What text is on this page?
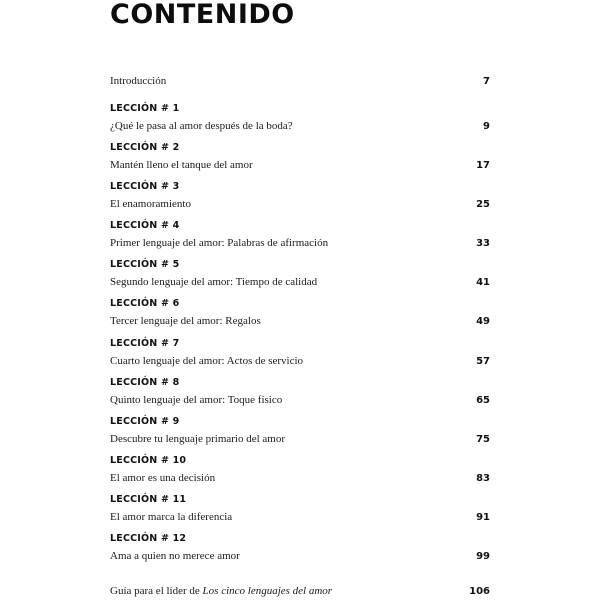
CONTENIDO
Introducción	7
LECCIÓN # 1
¿Qué le pasa al amor después de la boda?	9
LECCIÓN # 2
Mantén lleno el tanque del amor	17
LECCIÓN # 3
El enamoramiento	25
LECCIÓN # 4
Primer lenguaje del amor: Palabras de afirmación	33
LECCIÓN # 5
Segundo lenguaje del amor: Tiempo de calidad	41
LECCIÓN # 6
Tercer lenguaje del amor: Regalos	49
LECCIÓN # 7
Cuarto lenguaje del amor: Actos de servicio	57
LECCIÓN # 8
Quinto lenguaje del amor: Toque físico	65
LECCIÓN # 9
Descubre tu lenguaje primario del amor	75
LECCIÓN # 10
El amor es una decisión	83
LECCIÓN # 11
El amor marca la diferencia	91
LECCIÓN # 12
Ama a quien no merece amor	99
Guía para el líder de Los cinco lenguajes del amor	106
